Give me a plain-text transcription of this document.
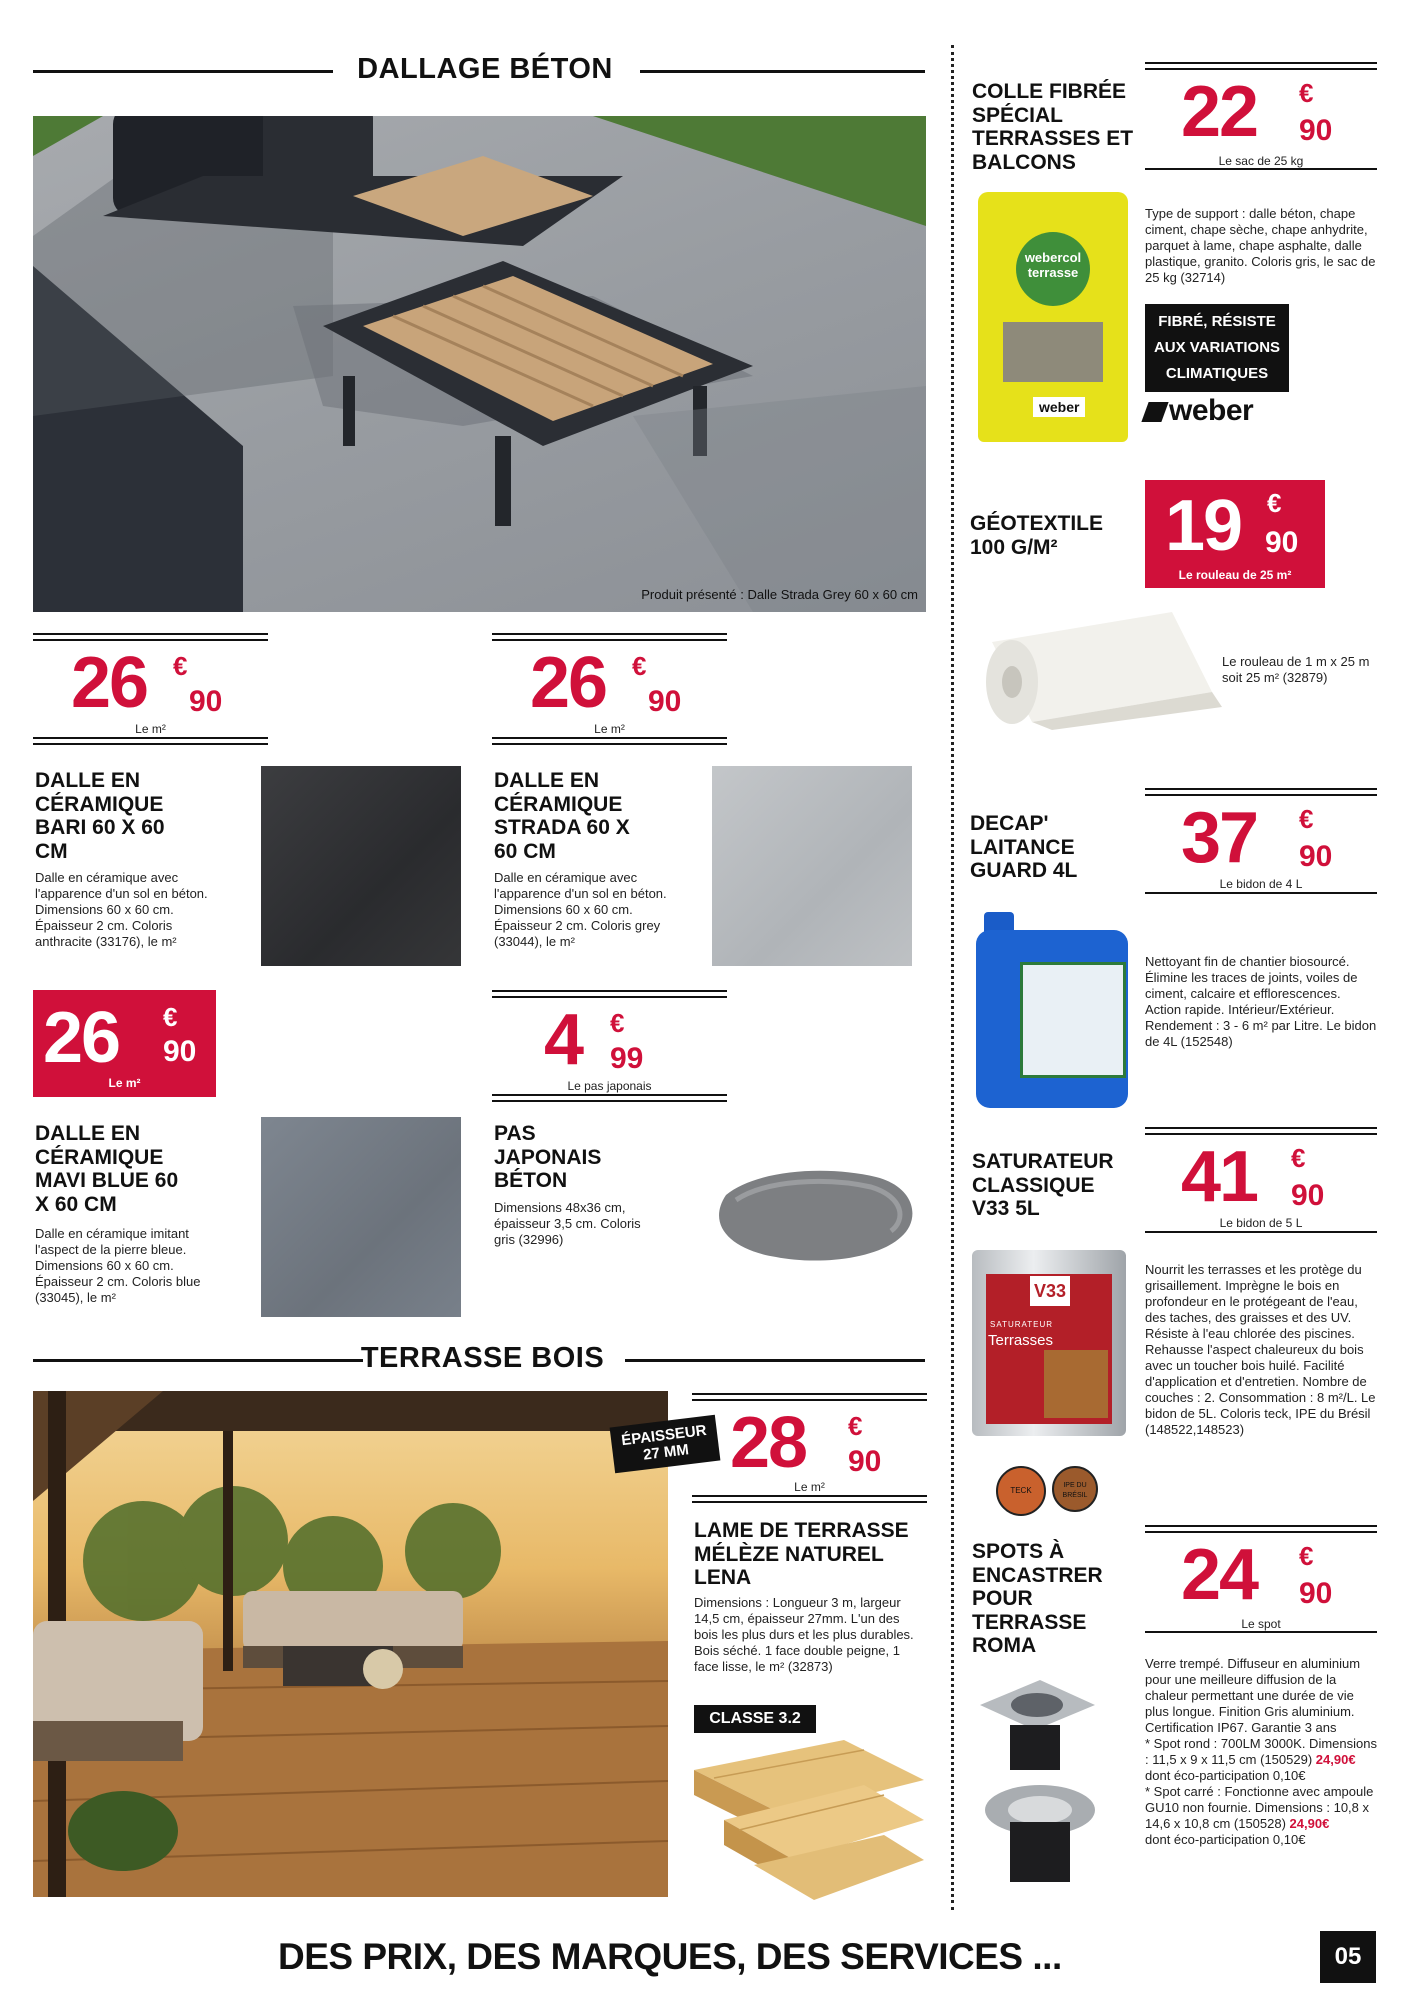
DALLAGE BÉTON
Produit présenté : Dalle Strada Grey 60 x 60 cm
26 €
90
Le m²
DALLE EN CÉRAMIQUE BARI 60 X 60 CM
Dalle en céramique avec l'apparence d'un sol en béton. Dimensions 60 x 60 cm. Épaisseur 2 cm. Coloris anthracite (33176), le m²
26 €
90
Le m²
DALLE EN CÉRAMIQUE STRADA 60 X 60 CM
Dalle en céramique avec l'apparence d'un sol en béton. Dimensions 60 x 60 cm. Épaisseur 2 cm. Coloris grey (33044), le m²
26 €
90
Le m²
DALLE EN CÉRAMIQUE MAVI BLUE 60 X 60 CM
Dalle en céramique imitant l'aspect de la pierre bleue. Dimensions 60 x 60 cm. Épaisseur 2 cm. Coloris blue (33045), le m²
4 €
99
Le pas japonais
PAS JAPONAIS BÉTON
Dimensions 48x36 cm, épaisseur 3,5 cm. Coloris gris (32996)
TERRASSE BOIS
ÉPAISSEUR 27 MM 28 €
90
Le m²
LAME DE TERRASSE MÉLÈZE NATUREL LENA
Dimensions : Longueur 3 m, largeur 14,5 cm, épaisseur 27mm. L'un des bois les plus durs et les plus durables. Bois séché. 1 face double peigne, 1 face lisse, le m² (32873)
CLASSE 3.2
COLLE FIBRÉE SPÉCIAL TERRASSES ET BALCONS
22 €
90
Le sac de 25 kg
webercol terrasse
weber
Type de support : dalle béton, chape ciment, chape sèche, chape anhydrite, parquet à lame, chape asphalte, dalle plastique, granito. Coloris gris, le sac de 25 kg (32714)
FIBRÉ, RÉSISTE AUX VARIATIONS CLIMATIQUES
weber
GÉOTEXTILE 100 G/M²	19 €
90
Le rouleau de 25 m²
Le rouleau de 1 m x 25 m soit 25 m² (32879)
DECAP' LAITANCE GUARD 4L	37 €
90
Le bidon de 4 L
Nettoyant fin de chantier biosourcé. Élimine les traces de joints, voiles de ciment, calcaire et efflorescences. Action rapide. Intérieur/Extérieur. Rendement : 3 - 6 m² par Litre. Le bidon de 4L (152548)
SATURATEUR CLASSIQUE V33 5L	41 €
90
Le bidon de 5 L
V33
SATURATEUR
Terrasses
TECK
IPE DU BRÉSIL
Nourrit les terrasses et les protège du grisaillement. Imprègne le bois en profondeur en le protégeant de l'eau, des taches, des graisses et des UV. Résiste à l'eau chlorée des piscines. Rehausse l'aspect chaleureux du bois avec un toucher bois huilé. Facilité d'application et d'entretien. Nombre de couches : 2. Consommation : 8 m²/L. Le bidon de 5L. Coloris teck, IPE du Brésil (148522,148523)
SPOTS À ENCASTRER POUR TERRASSE ROMA
24 €
90
Le spot
Verre trempé. Diffuseur en aluminium pour une meilleure diffusion de la chaleur permettant une durée de vie plus longue. Finition Gris aluminium. Certification IP67. Garantie 3 ans
* Spot rond : 700LM 3000K. Dimensions : 11,5 x 9 x 11,5 cm (150529) 24,90€
dont éco-participation 0,10€
* Spot carré : Fonctionne avec ampoule GU10 non fournie. Dimensions : 10,8 x 14,6 x 10,8 cm (150528) 24,90€
dont éco-participation 0,10€
DES PRIX, DES MARQUES, DES SERVICES ...	05
